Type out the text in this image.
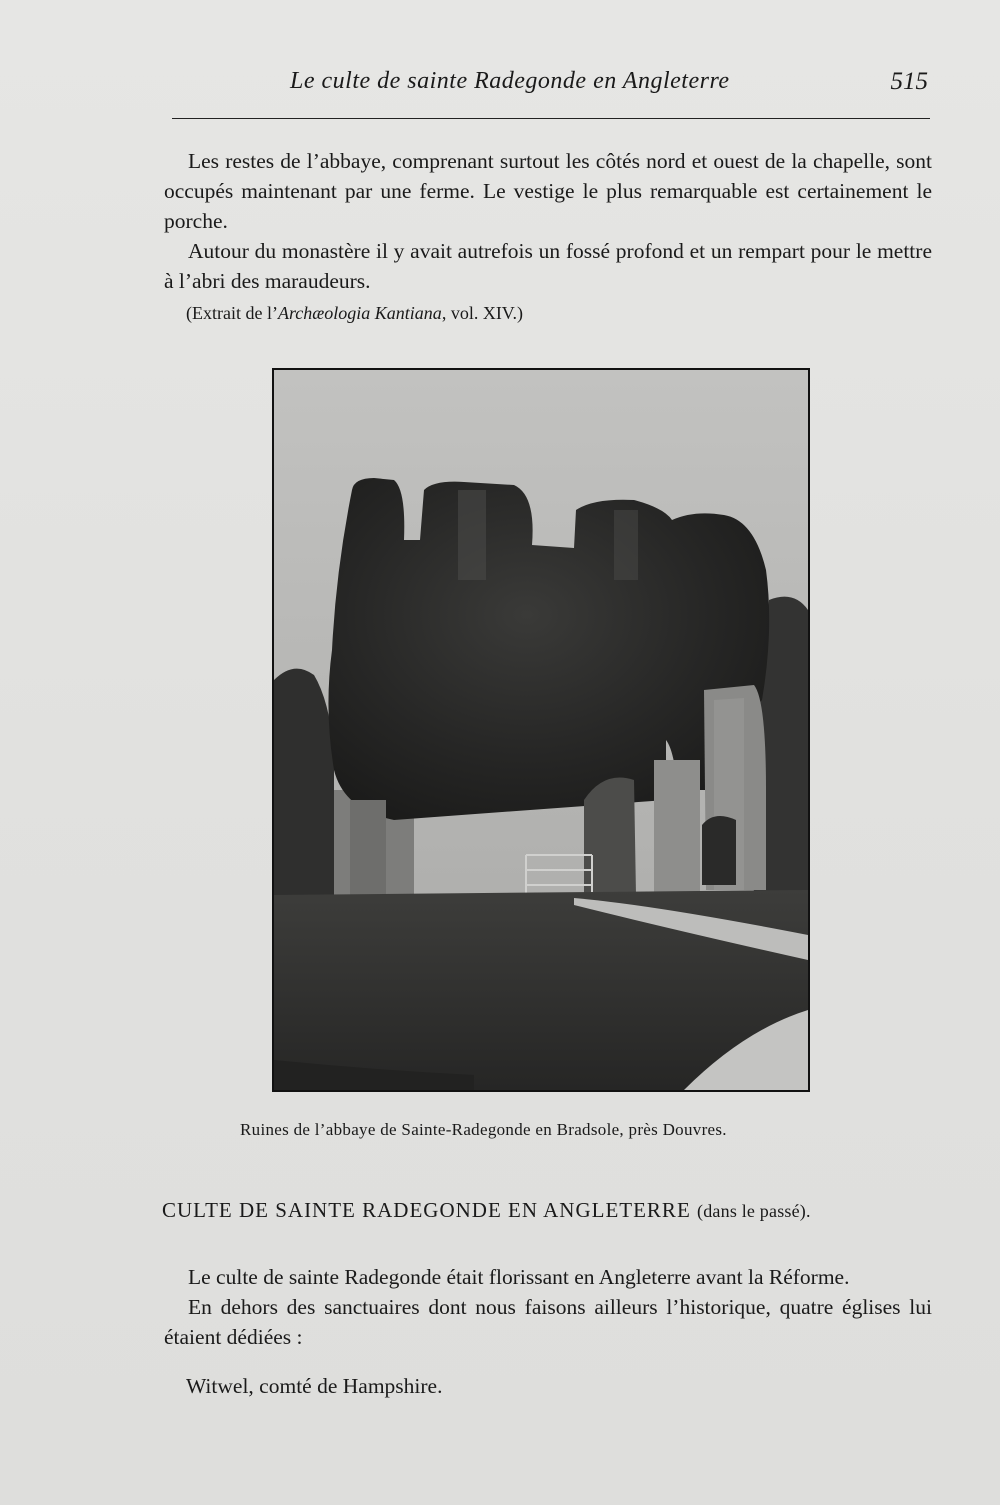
Le culte de sainte Radegonde en Angleterre	515

Les restes de l’abbaye, comprenant surtout les côtés nord et ouest de la chapelle, sont occupés maintenant par une ferme. Le vestige le plus remarquable est certainement le porche.

Autour du monastère il y avait autrefois un fossé profond et un rempart pour le mettre à l’abri des maraudeurs.

(Extrait de l’Archæologia Kantiana, vol. XIV.)
Ruines de l’abbaye de Sainte-Radegonde en Bradsole, près Douvres.
CULTE DE SAINTE RADEGONDE EN ANGLETERRE (dans le passé).

Le culte de sainte Radegonde était florissant en Angleterre avant la Réforme.

En dehors des sanctuaires dont nous faisons ailleurs l’historique, quatre églises lui étaient dédiées :

Witwel, comté de Hampshire.
